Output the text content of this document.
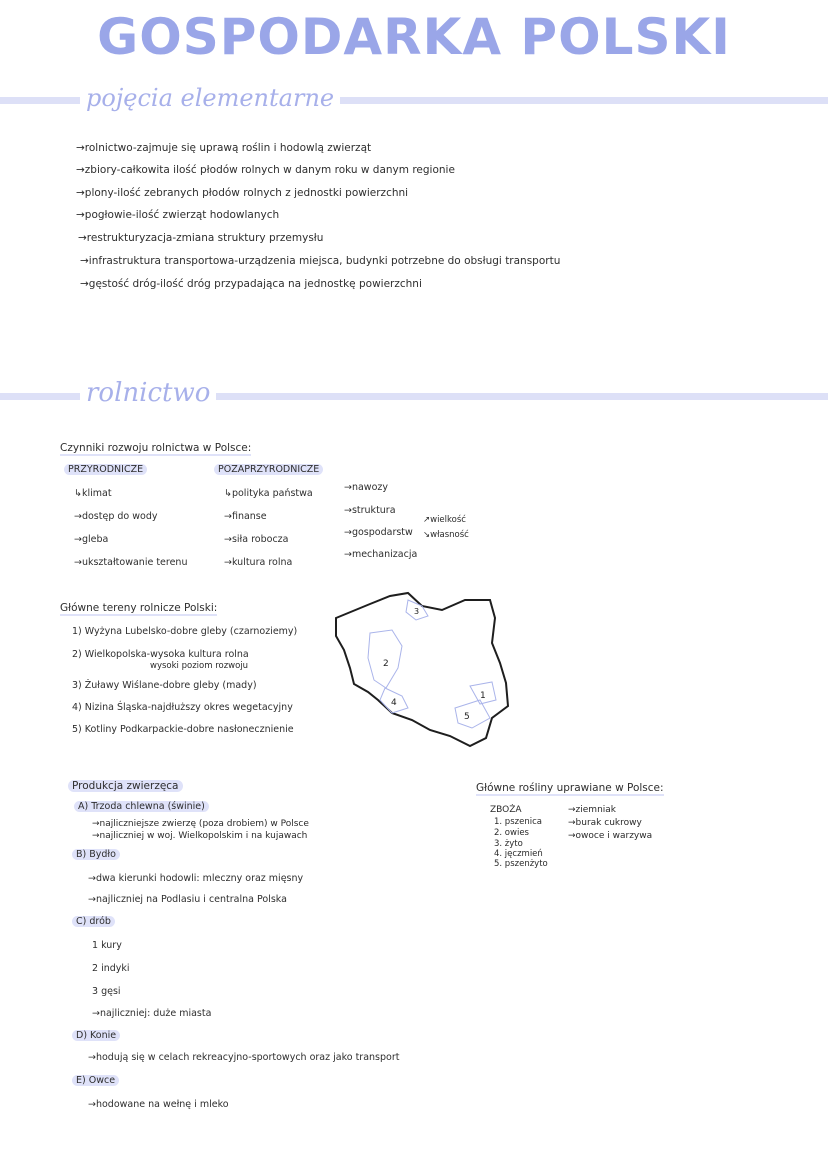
GOSPODARKA POLSKI
pojęcia elementarne
→rolnictwo-zajmuje się uprawą roślin i hodowlą zwierząt
→zbiory-całkowita ilość płodów rolnych w danym roku w danym regionie
→plony-ilość zebranych płodów rolnych z jednostki powierzchni
→pogłowie-ilość zwierząt hodowlanych
→restrukturyzacja-zmiana struktury przemysłu
→infrastruktura transportowa-urządzenia miejsca, budynki potrzebne do obsługi transportu
→gęstość dróg-ilość dróg przypadająca na jednostkę powierzchni
rolnictwo
Czynniki rozwoju rolnictwa w Polsce:
PRZYRODNICZE
↳klimat
→dostęp do wody
→gleba
→ukształtowanie terenu
POZAPRZYRODNICZE
↳polityka państwa
→finanse
→siła robocza
→kultura rolna
→nawozy
→struktura
→gospodarstw
→mechanizacja
↗wielkość
↘własność
Główne tereny rolnicze Polski:
1) Wyżyna Lubelsko-dobre gleby (czarnoziemy)
2) Wielkopolska-wysoka kultura rolna
wysoki poziom rozwoju
3) Żuławy Wiślane-dobre gleby (mady)
4) Nizina Śląska-najdłuższy okres wegetacyjny
5) Kotliny Podkarpackie-dobre nasłonecznienie
1
2
3
4
5
Produkcja zwierzęca
A) Trzoda chlewna (świnie)
→najliczniejsze zwierzę (poza drobiem) w Polsce
→najliczniej w woj. Wielkopolskim i na kujawach
B) Bydło
→dwa kierunki hodowli: mleczny oraz mięsny
→najliczniej na Podlasiu i centralna Polska
C) drób
1 kury
2 indyki
3 gęsi
→najliczniej: duże miasta
D) Konie
→hodują się w celach rekreacyjno-sportowych oraz jako transport
E) Owce
→hodowane na wełnę i mleko
Główne rośliny uprawiane w Polsce:
ZBOŻA
1. pszenica
2. owies
3. żyto
4. jęczmień
5. pszenżyto
→ziemniak
→burak cukrowy
→owoce i warzywa
